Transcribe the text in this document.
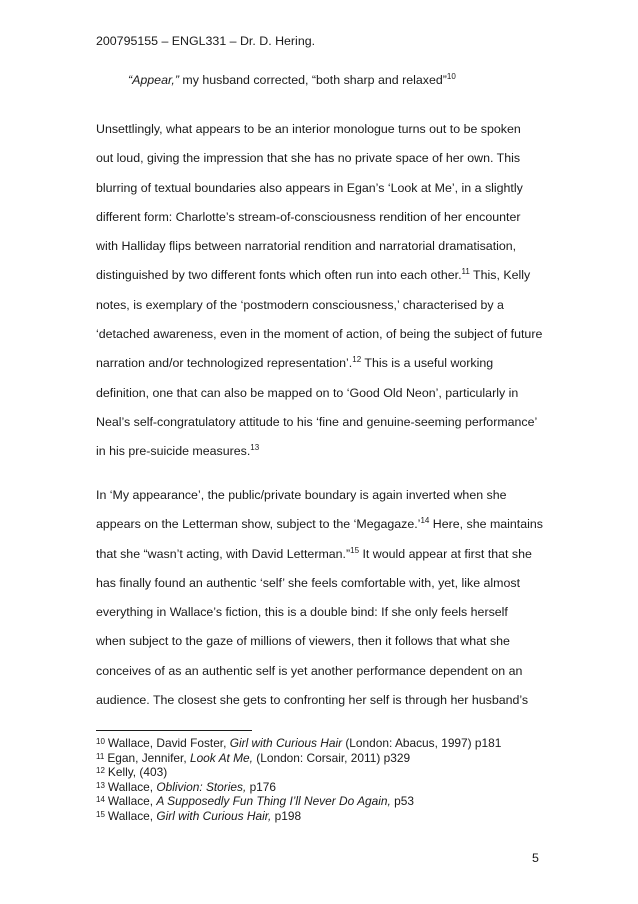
200795155 – ENGL331 – Dr. D. Hering.
“Appear,” my husband corrected, “both sharp and relaxed”$^{10}$
Unsettlingly, what appears to be an interior monologue turns out to be spoken
out loud, giving the impression that she has no private space of her own. This
blurring of textual boundaries also appears in Egan’s ‘Look at Me’, in a slightly
different form: Charlotte’s stream-of-consciousness rendition of her encounter
with Halliday flips between narratorial rendition and narratorial dramatisation,
distinguished by two different fonts which often run into each other.$^{11}$ This, Kelly
notes, is exemplary of the ‘postmodern consciousness,’ characterised by a
‘detached awareness, even in the moment of action, of being the subject of future
narration and/or technologized representation’.$^{12}$ This is a useful working
definition, one that can also be mapped on to ‘Good Old Neon’, particularly in
Neal’s self-congratulatory attitude to his ‘fine and genuine-seeming performance’
in his pre-suicide measures.$^{13}$
In ‘My appearance’, the public/private boundary is again inverted when she
appears on the Letterman show, subject to the ‘Megagaze.’$^{14}$ Here, she maintains
that she “wasn’t acting, with David Letterman.”$^{15}$ It would appear at first that she
has finally found an authentic ‘self’ she feels comfortable with, yet, like almost
everything in Wallace’s fiction, this is a double bind: If she only feels herself
when subject to the gaze of millions of viewers, then it follows that what she
conceives of as an authentic self is yet another performance dependent on an
audience. The closest she gets to confronting her self is through her husband’s
$^{10}$ Wallace, David Foster, Girl with Curious Hair (London: Abacus, 1997) p181
$^{11}$ Egan, Jennifer, Look At Me, (London: Corsair, 2011) p329
$^{12}$ Kelly, (403)
$^{13}$ Wallace, Oblivion: Stories, p176
$^{14}$ Wallace, A Supposedly Fun Thing I’ll Never Do Again, p53
$^{15}$ Wallace, Girl with Curious Hair, p198
5
